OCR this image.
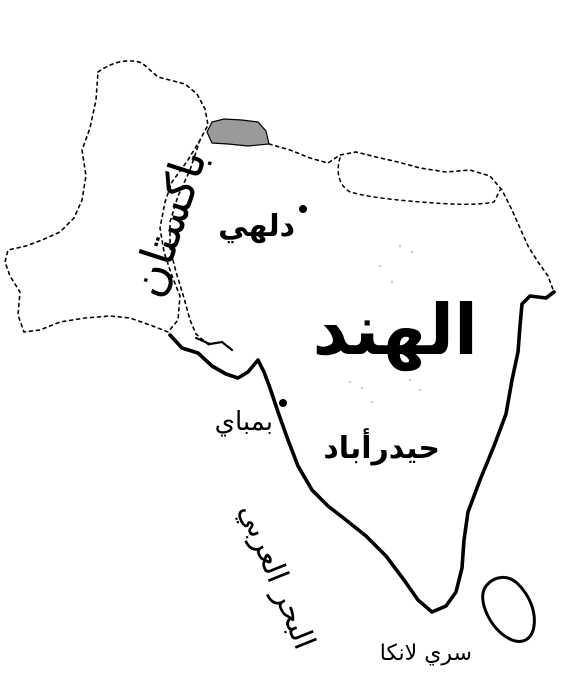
باكستان دلهي
الهند
بمباي
حيدرأباد
البحر العربي	سري لانكا
